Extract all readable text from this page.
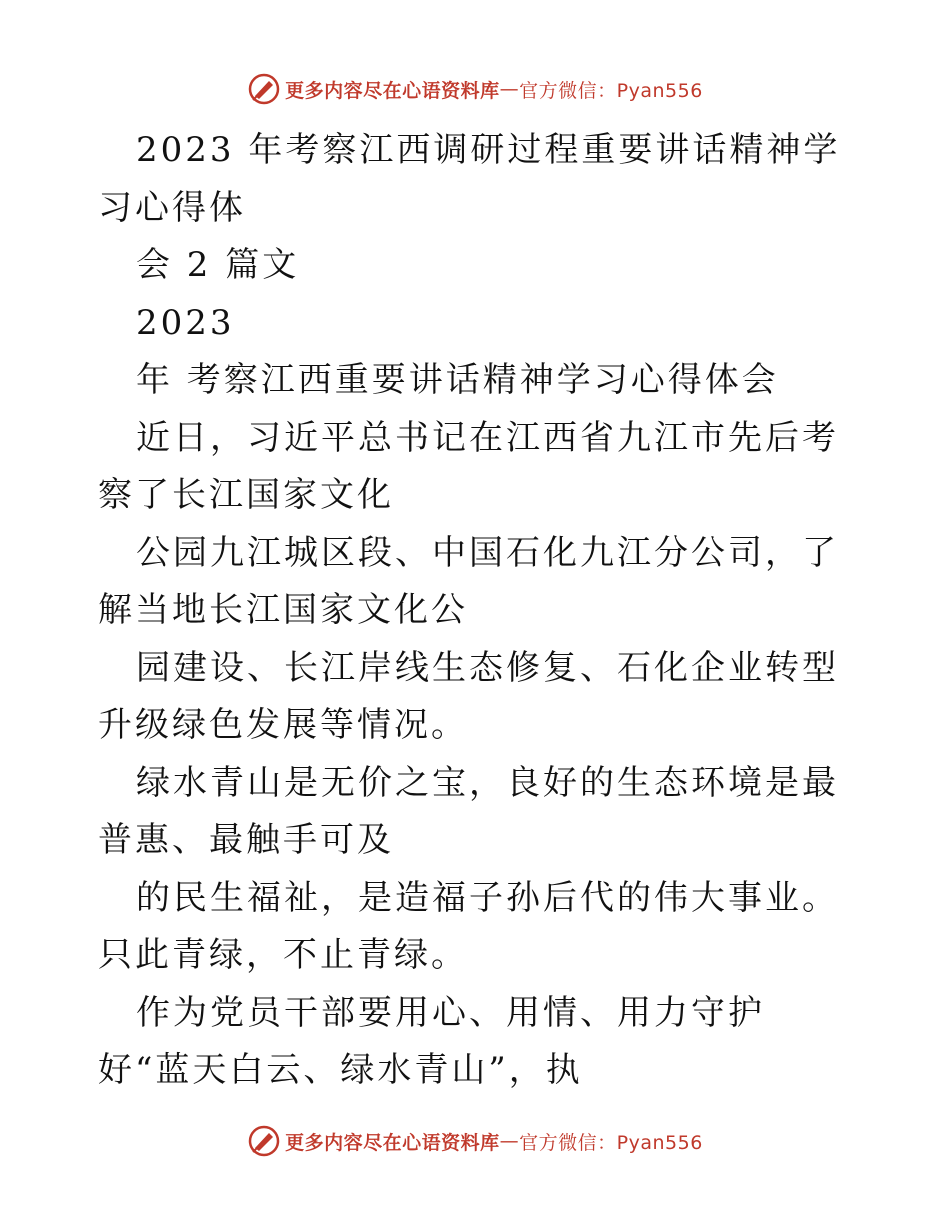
更多内容尽在心语资料库 — 官方微信：Pyan556

2023 年考察江西调研过程重要讲话精神学习心得体

会 2 篇文

2023

年 考察江西重要讲话精神学习心得体会

近日，习近平总书记在江西省九江市先后考察了长江国家文化

公园九江城区段、中国石化九江分公司，了解当地长江国家文化公

园建设、长江岸线生态修复、石化企业转型升级绿色发展等情况。

绿水青山是无价之宝，良好的生态环境是最普惠、最触手可及

的民生福祉，是造福子孙后代的伟大事业。只此青绿，不止青绿。

作为党员干部要用心、用情、用力守护好“蓝天白云、绿水青山”，执

更多内容尽在心语资料库 — 官方微信：Pyan556
